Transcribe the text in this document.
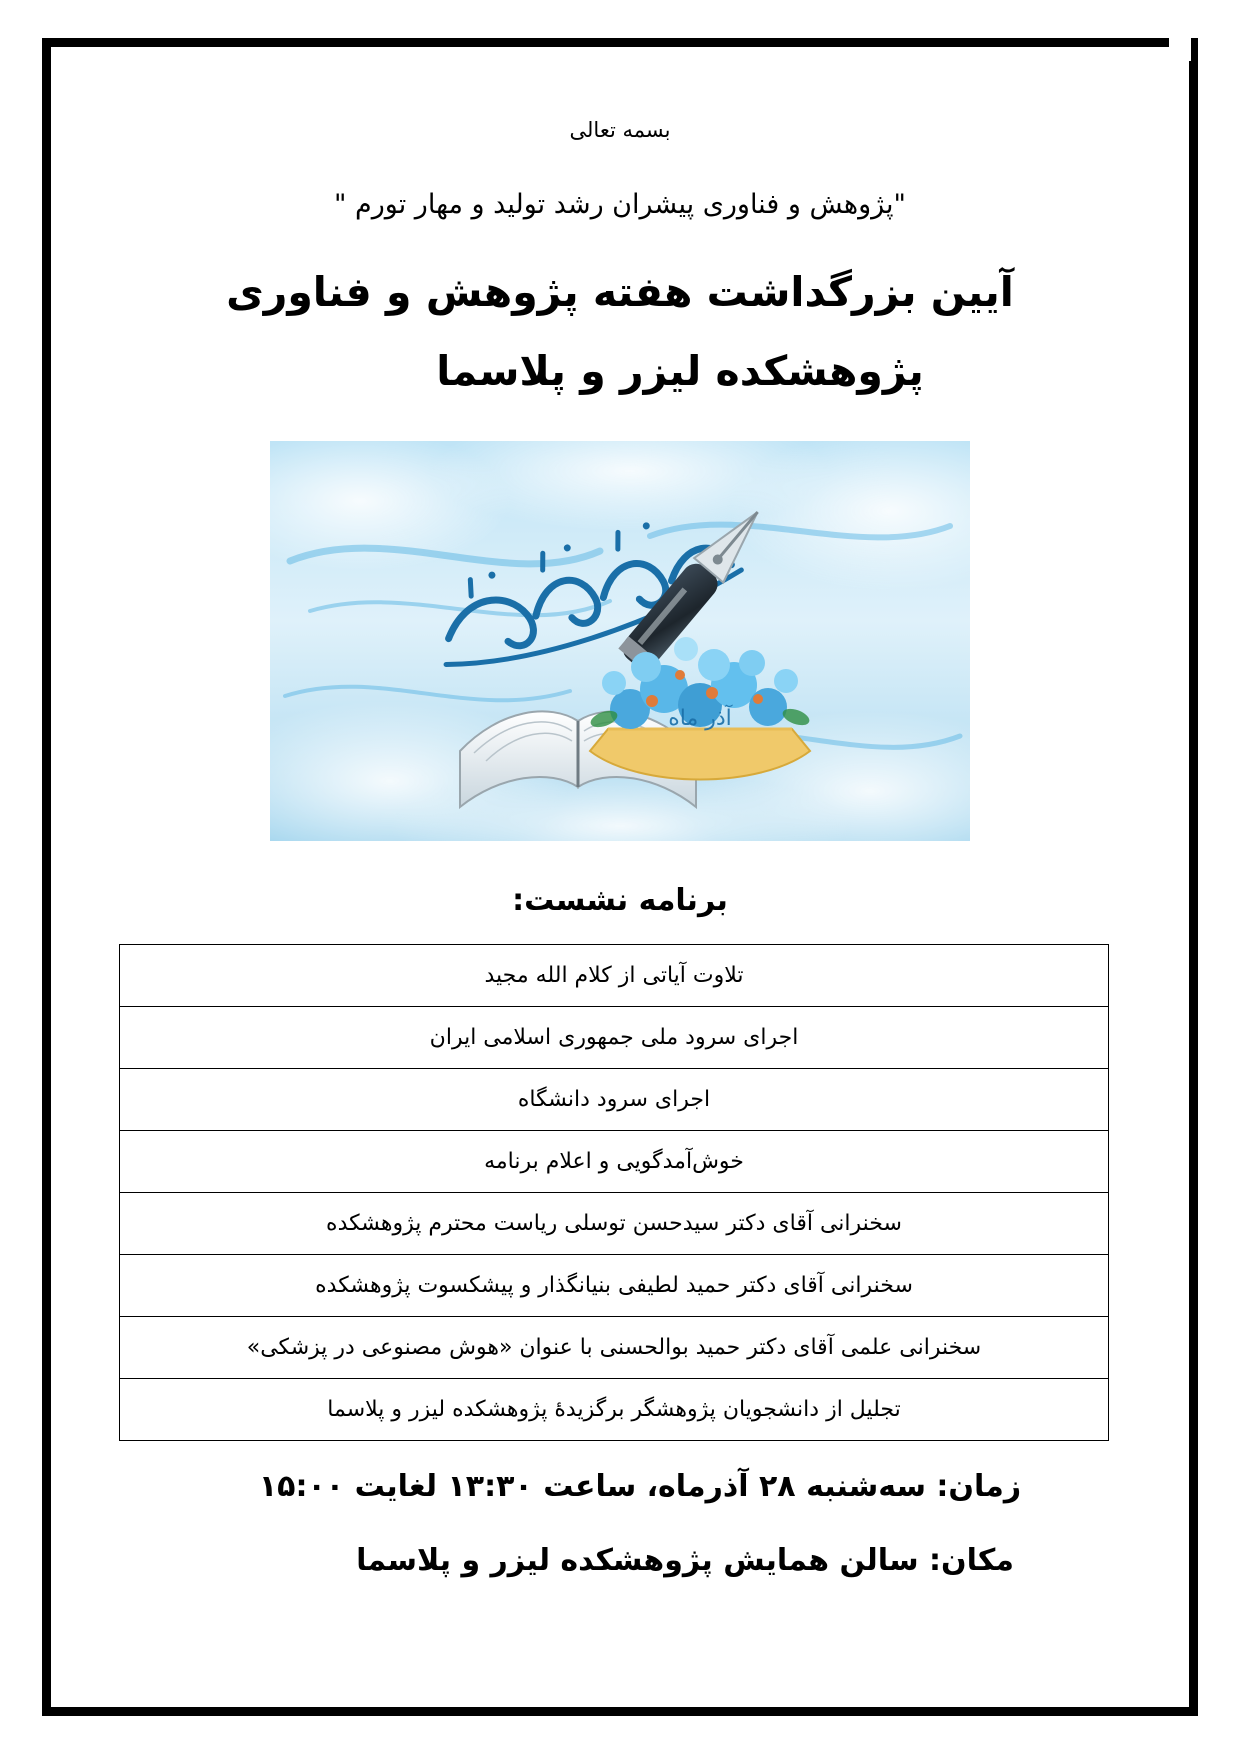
بسمه تعالی
"پژوهش و فناوری پیشران رشد تولید و مهار تورم "
آیین بزرگداشت هفته پژوهش و فناوری
پژوهشکده لیزر و پلاسما
آذر ماه
برنامه نشست:
تلاوت آیاتی از کلام الله مجید
اجرای سرود ملی جمهوری اسلامی ایران
اجرای سرود دانشگاه
خوش‌آمدگویی و اعلام برنامه
سخنرانی آقای دکتر سیدحسن توسلی ریاست محترم پژوهشکده
سخنرانی آقای دکتر حمید لطیفی بنیانگذار و پیشکسوت پژوهشکده
سخنرانی علمی آقای دکتر حمید بوالحسنی با عنوان «هوش مصنوعی در پزشکی»
تجلیل از دانشجویان پژوهشگر برگزیدۀ پژوهشکده لیزر و پلاسما
زمان: سه‌شنبه ۲۸ آذرماه، ساعت ۱۳:۳۰ لغایت ۱۵:۰۰
مکان: سالن همایش پژوهشکده لیزر و پلاسما
